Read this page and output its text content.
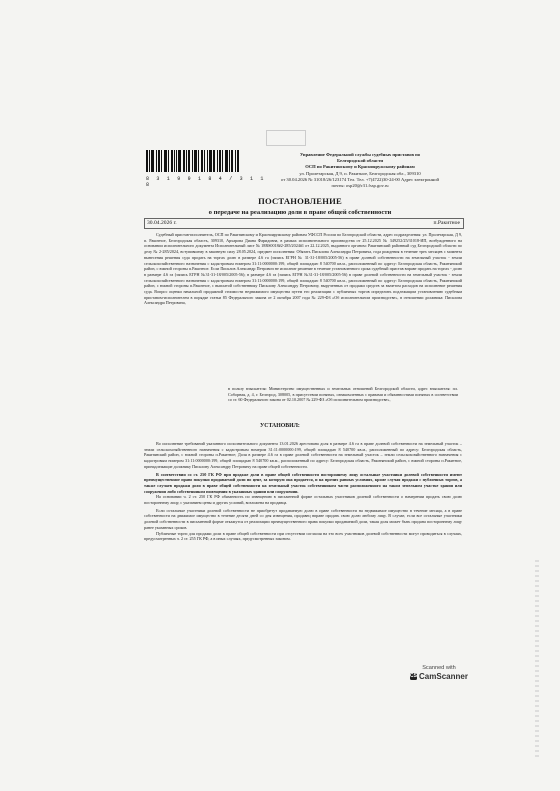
8 3 1 9 9 1 8 4 / 3 1 1 8
Управление Федеральной службы судебных приставов по
Белгородской области
ОСП по Ракитянскому и Краснояружскому районам
ул. Пролетарская, Д 9, п. Ракитное, Белгородская обл., 309310
от 30.04.2026 № 31018/26/123174 Тел. Тел. +7(4722)30-24-00 Адрес электронной
почты: osp20@r31.fssp.gov.ru
ПОСТАНОВЛЕНИЕ
о передаче на реализацию доли в праве общей собственности
30.04.2026 г.	п.Ракитное
Судебный пристав-исполнитель, ОСП по Ракитянскому и Краснояружскому районам УФССП России по Белгородской области, адрес подразделения: ул. Пролетарская, Д 9, п. Ракитное, Белгородская область, 309310, Архарова Диана Фаридовна, в рамках исполнительного производства от 25.12.2025 № 349252/25/31018-ИП, возбужденного на основании исполнительного документа Исполнительный лист № 18RS0018#2-285/2024#1 от 22.12.2025, выданного органом: Ракитянский районный суд Белгородской области по делу № 2-285/2024, вступившему в законную силу 28.05.2024, предмет исполнения: Обязать Писклова Александра Петровича, года рождения в течение трех месяцев с момента вынесения решения суда продать на торгах долю в размере 4.6 га (запись ЕГРН № 31-31-18/005/2005-56) в праве долевой собственности на земельный участок - земли сельскохозяйственного назначения с кадастровым номером 31:11:0000000:199, общей площадью 8 540700 кв.м., расположенный по адресу: Белгородская область, Ракитянский район, с южной стороны п.Ракитное. Если Писклов Александр Петрович не исполнит решение в течение установленного срока судебный пристав вправе продать на торгах - долю в размере 4.6 га (запись ЕГРН №31-31-18/005/2005-56); в размере 4.6 га (запись ЕГРН №31-31-18/005/2005-56) в праве долевой собственности на земельный участок - земли сельскохозяйственного назначения с кадастровым номером 31:11:0000000:199, общей площадью 8 540700 кв.м., расположенный по адресу: Белгородская область, Ракитянский район, с южной стороны п.Ракитное, с выплатой собственнику Писклову Александру Петровичу, вырученных от продажи средств за вычетом расходов на исполнение решения суда. Вопрос оценки начальной продажной стоимости недвижимого имущества путем его реализации с публичных торгов определить подлежащим установлению судебным приставом-исполнителем в порядке статьи 85 Федерального закона от 2 октября 2007 года № 229-ФЗ «Об исполнительном производстве», в отношении должника: Писклова Александра Петровича,
в пользу взыскателя: Министерство имущественных и земельных отношений Белгородской области, адрес взыскателя: пл. Соборная, д. 4, г. Белгород, 308005, в присутствии понятых, ознакомленных с правами и обязанностями понятых в соответствии со ст. 60 Федерального закона от 02.10.2007 № 229-ФЗ «Об исполнительном производстве»,
УСТАНОВИЛ:
Во исполнение требований указанного исполнительного документа 13.01.2026 арестована доля в размере 4.6 га в праве долевой собственности на земельный участок – земли сельскохозяйственного назначения с кадастровым номером 31:11:0000000:199, общей площадью 8 540700 кв.м., расположенный по адресу: Белгородская область, Ракитянский район, с южной стороны п.Ракитное; Доля в размере 4.6 га в праве долевой собственности на земельный участок – земли сельскохозяйственного назначения с кадастровым номером 31:11:0000000:199, общей площадью 8 540700 кв.м., расположенный по адресу: Белгородская область, Ракитянский район, с южной стороны п.Ракитное, принадлежащие должнику Писклову Александру Петровичу на праве общей собственности.
В соответствии со ст. 250 ГК РФ при продаже доли в праве общей собственности постороннему лицу остальные участники долевой собственности имеют преимущественное право покупки продаваемой доли по цене, за которую она продается, и на прочих равных условиях, кроме случая продажи с публичных торгов, а также случаев продажи доли в праве общей собственности на земельный участок собственником части расположенного на таком земельном участке здания или сооружения либо собственником помещения в указанных здании или сооружении.
На основании ч. 2 ст. 250 ГК РФ обязанность по извещению в письменной форме остальных участников долевой собственности о намерении продать свою долю постороннему лицу, с указанием цены и других условий, возложена на продавца.
Если остальные участники долевой собственности не приобретут продаваемую долю в праве собственности на недвижимое имущество в течение месяца, а в праве собственности на движимое имущество в течение десяти дней со дня извещения, продавец вправе продать свою долю любому лицу. В случае, если все остальные участники долевой собственности в письменной форме откажутся от реализации преимущественного права покупки продаваемой доли, такая доля может быть продана постороннему лицу ранее указанных сроков.
Публичные торги для продажи доли в праве общей собственности при отсутствии согласия на это всех участников долевой собственности могут проводиться в случаях, предусмотренных ч. 2 ст. 255 ГК РФ, а в иных случаях, предусмотренных законом.
Scanned with
CS CamScanner
